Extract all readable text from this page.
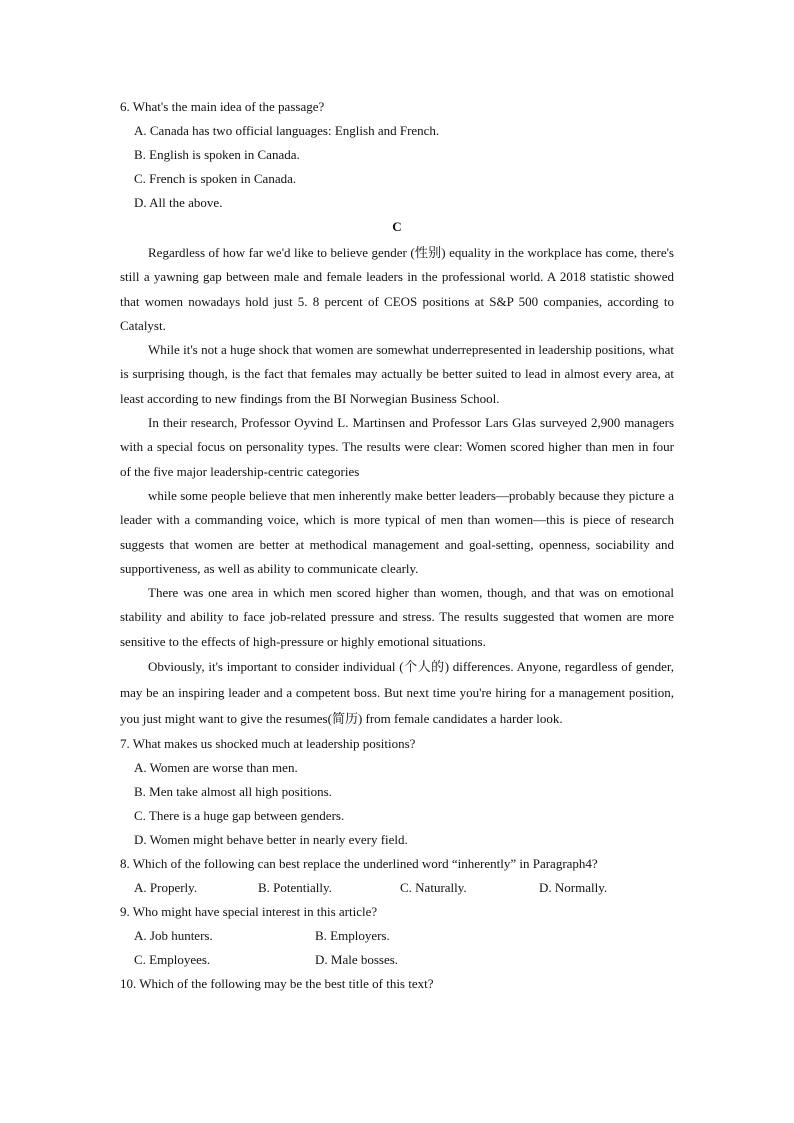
6. What's the main idea of the passage?
A. Canada has two official languages: English and French.
B. English is spoken in Canada.
C. French is spoken in Canada.
D. All the above.
C

Regardless of how far we'd like to believe gender (性别) equality in the workplace has come, there's still a yawning gap between male and female leaders in the professional world. A 2018 statistic showed that women nowadays hold just 5. 8 percent of CEOS positions at S&P 500 companies, according to Catalyst.

While it's not a huge shock that women are somewhat underrepresented in leadership positions, what is surprising though, is the fact that females may actually be better suited to lead in almost every area, at least according to new findings from the BI Norwegian Business School.

In their research, Professor Oyvind L. Martinsen and Professor Lars Glas surveyed 2,900 managers with a special focus on personality types. The results were clear: Women scored higher than men in four of the five major leadership-centric categories

while some people believe that men inherently make better leaders—probably because they picture a leader with a commanding voice, which is more typical of men than women—this is piece of research suggests that women are better at methodical management and goal-setting, openness, sociability and supportiveness, as well as ability to communicate clearly.

There was one area in which men scored higher than women, though, and that was on emotional stability and ability to face job-related pressure and stress. The results suggested that women are more sensitive to the effects of high-pressure or highly emotional situations.

Obviously, it's important to consider individual (个人的) differences. Anyone, regardless of gender, may be an inspiring leader and a competent boss. But next time you're hiring for a management position, you just might want to give the resumes(简历) from female candidates a harder look.

7. What makes us shocked much at leadership positions?
A. Women are worse than men.
B. Men take almost all high positions.
C. There is a huge gap between genders.
D. Women might behave better in nearly every field.
8. Which of the following can best replace the underlined word “inherently” in Paragraph4?
A. Properly.	B. Potentially.	C. Naturally.	D. Normally.
9. Who might have special interest in this article?
A. Job hunters.	B. Employers.
C. Employees.	D. Male bosses.
10. Which of the following may be the best title of this text?
